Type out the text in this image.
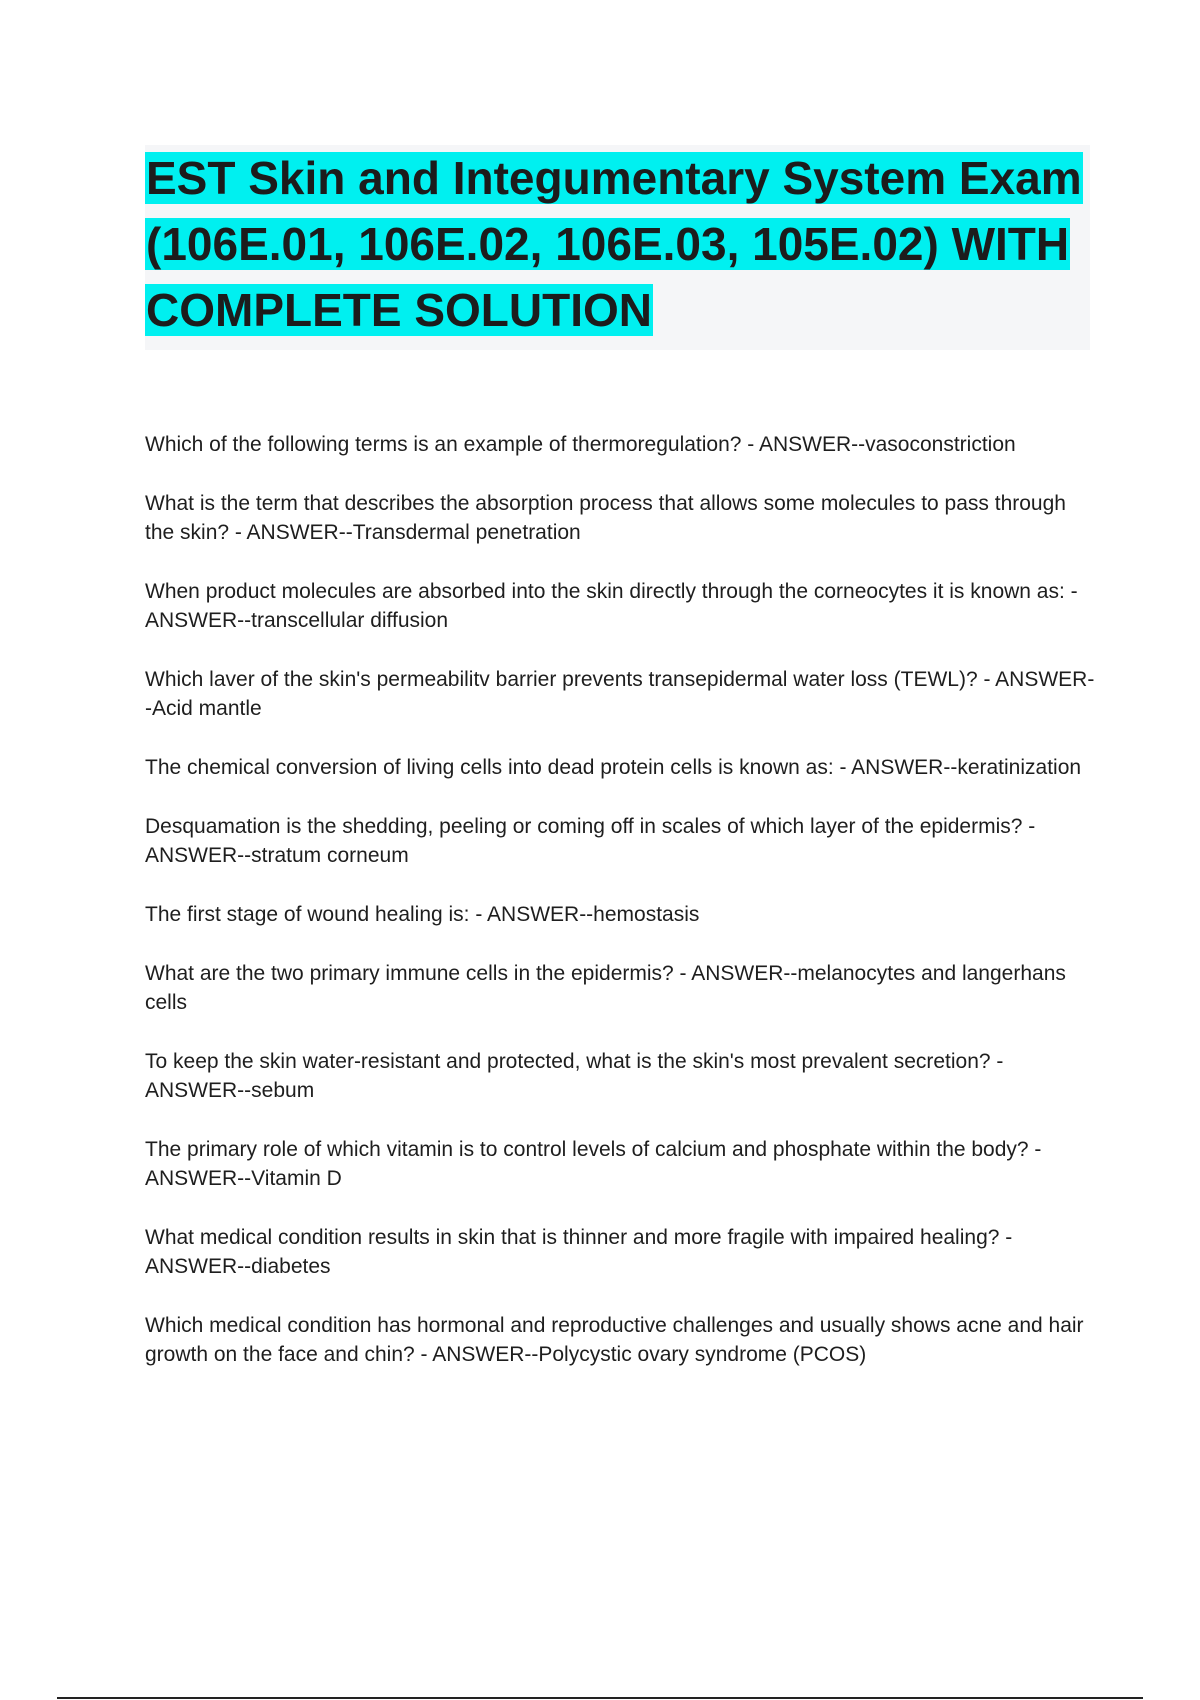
EST Skin and Integumentary System Exam (106E.01, 106E.02, 106E.03, 105E.02) WITH COMPLETE SOLUTION
Which of the following terms is an example of thermoregulation? - ANSWER--vasoconstriction
What is the term that describes the absorption process that allows some molecules to pass through the skin? - ANSWER--Transdermal penetration
When product molecules are absorbed into the skin directly through the corneocytes it is known as: - ANSWER--transcellular diffusion
Which laver of the skin's permeabilitv barrier prevents transepidermal water loss (TEWL)? - ANSWER--Acid mantle
The chemical conversion of living cells into dead protein cells is known as: - ANSWER--keratinization
Desquamation is the shedding, peeling or coming off in scales of which layer of the epidermis? - ANSWER--stratum corneum
The first stage of wound healing is: - ANSWER--hemostasis
What are the two primary immune cells in the epidermis? - ANSWER--melanocytes and langerhans cells
To keep the skin water-resistant and protected, what is the skin's most prevalent secretion? - ANSWER--sebum
The primary role of which vitamin is to control levels of calcium and phosphate within the body? - ANSWER--Vitamin D
What medical condition results in skin that is thinner and more fragile with impaired healing? - ANSWER--diabetes
Which medical condition has hormonal and reproductive challenges and usually shows acne and hair growth on the face and chin? - ANSWER--Polycystic ovary syndrome (PCOS)
